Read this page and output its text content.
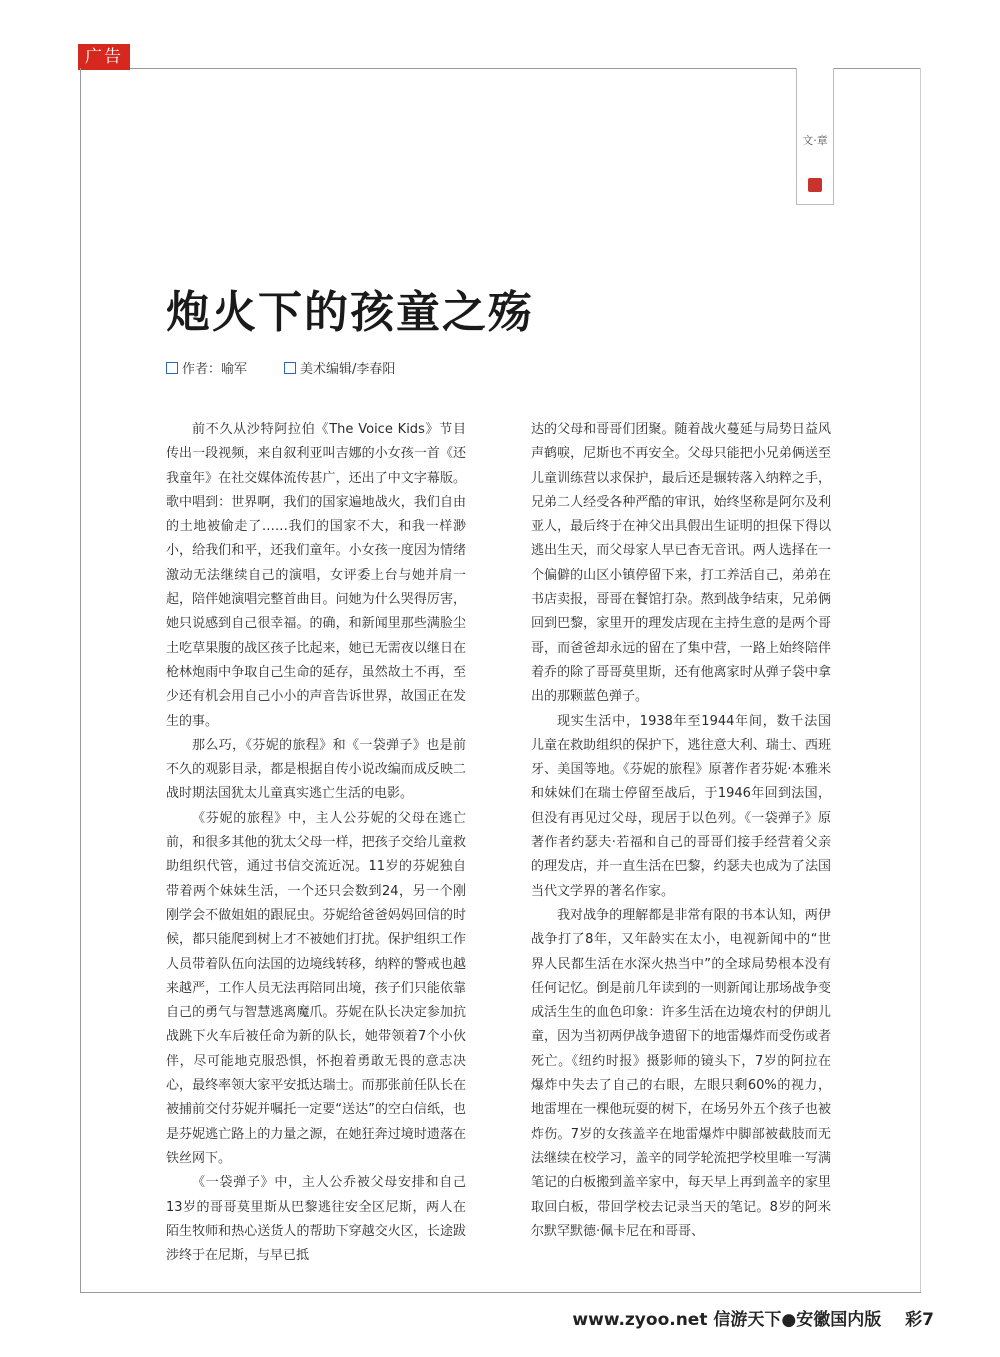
广告
文·章
炮火下的孩童之殇
作者：喻军	美术编辑/李春阳

前不久从沙特阿拉伯《The Voice Kids》节目传出一段视频，来自叙利亚叫吉娜的小女孩一首《还我童年》在社交媒体流传甚广，还出了中文字幕版。歌中唱到：世界啊，我们的国家遍地战火，我们自由的土地被偷走了……我们的国家不大，和我一样渺小，给我们和平，还我们童年。小女孩一度因为情绪激动无法继续自己的演唱，女评委上台与她并肩一起，陪伴她演唱完整首曲目。问她为什么哭得厉害，她只说感到自己很幸福。的确，和新闻里那些满脸尘土吃草果腹的战区孩子比起来，她已无需夜以继日在枪林炮雨中争取自己生命的延存，虽然故土不再，至少还有机会用自己小小的声音告诉世界，故国正在发生的事。

那么巧，《芬妮的旅程》和《一袋弹子》也是前不久的观影目录，都是根据自传小说改编而成反映二战时期法国犹太儿童真实逃亡生活的电影。

《芬妮的旅程》中，主人公芬妮的父母在逃亡前，和很多其他的犹太父母一样，把孩子交给儿童救助组织代管，通过书信交流近况。11岁的芬妮独自带着两个妹妹生活，一个还只会数到24，另一个刚刚学会不做姐姐的跟屁虫。芬妮给爸爸妈妈回信的时候，都只能爬到树上才不被她们打扰。保护组织工作人员带着队伍向法国的边境线转移，纳粹的警戒也越来越严，工作人员无法再陪同出境，孩子们只能依靠自己的勇气与智慧逃离魔爪。芬妮在队长决定参加抗战跳下火车后被任命为新的队长，她带领着7个小伙伴，尽可能地克服恐惧，怀抱着勇敢无畏的意志决心，最终率领大家平安抵达瑞士。而那张前任队长在被捕前交付芬妮并嘱托一定要“送达”的空白信纸，也是芬妮逃亡路上的力量之源，在她狂奔过境时遗落在铁丝网下。

《一袋弹子》中，主人公乔被父母安排和自己13岁的哥哥莫里斯从巴黎逃往安全区尼斯，两人在陌生牧师和热心送货人的帮助下穿越交火区，长途跋涉终于在尼斯，与早已抵

达的父母和哥哥们团聚。随着战火蔓延与局势日益风声鹤唳，尼斯也不再安全。父母只能把小兄弟俩送至儿童训练营以求保护，最后还是辗转落入纳粹之手，兄弟二人经受各种严酷的审讯，始终坚称是阿尔及利亚人，最后终于在神父出具假出生证明的担保下得以逃出生天，而父母家人早已杳无音讯。两人选择在一个偏僻的山区小镇停留下来，打工养活自己，弟弟在书店卖报，哥哥在餐馆打杂。熬到战争结束，兄弟俩回到巴黎，家里开的理发店现在主持生意的是两个哥哥，而爸爸却永远的留在了集中营，一路上始终陪伴着乔的除了哥哥莫里斯，还有他离家时从弹子袋中拿出的那颗蓝色弹子。

现实生活中，1938年至1944年间，数千法国儿童在救助组织的保护下，逃往意大利、瑞士、西班牙、美国等地。《芬妮的旅程》原著作者芬妮·本雅米和妹妹们在瑞士停留至战后，于1946年回到法国，但没有再见过父母，现居于以色列。《一袋弹子》原著作者约瑟夫·若福和自己的哥哥们接手经营着父亲的理发店，并一直生活在巴黎，约瑟夫也成为了法国当代文学界的著名作家。

我对战争的理解都是非常有限的书本认知，两伊战争打了8年，又年龄实在太小，电视新闻中的“世界人民都生活在水深火热当中”的全球局势根本没有任何记忆。倒是前几年读到的一则新闻让那场战争变成活生生的血色印象：许多生活在边境农村的伊朗儿童，因为当初两伊战争遗留下的地雷爆炸而受伤或者死亡。《纽约时报》摄影师的镜头下，7岁的阿拉在爆炸中失去了自己的右眼，左眼只剩60%的视力，地雷埋在一棵他玩耍的树下，在场另外五个孩子也被炸伤。7岁的女孩盖辛在地雷爆炸中脚部被截肢而无法继续在校学习，盖辛的同学轮流把学校里唯一写满笔记的白板搬到盖辛家中，每天早上再到盖辛的家里取回白板，带回学校去记录当天的笔记。8岁的阿米尔默罕默德·佩卡尼在和哥哥、

www.zyoo.net 信游天下●安徽国内版 彩7
